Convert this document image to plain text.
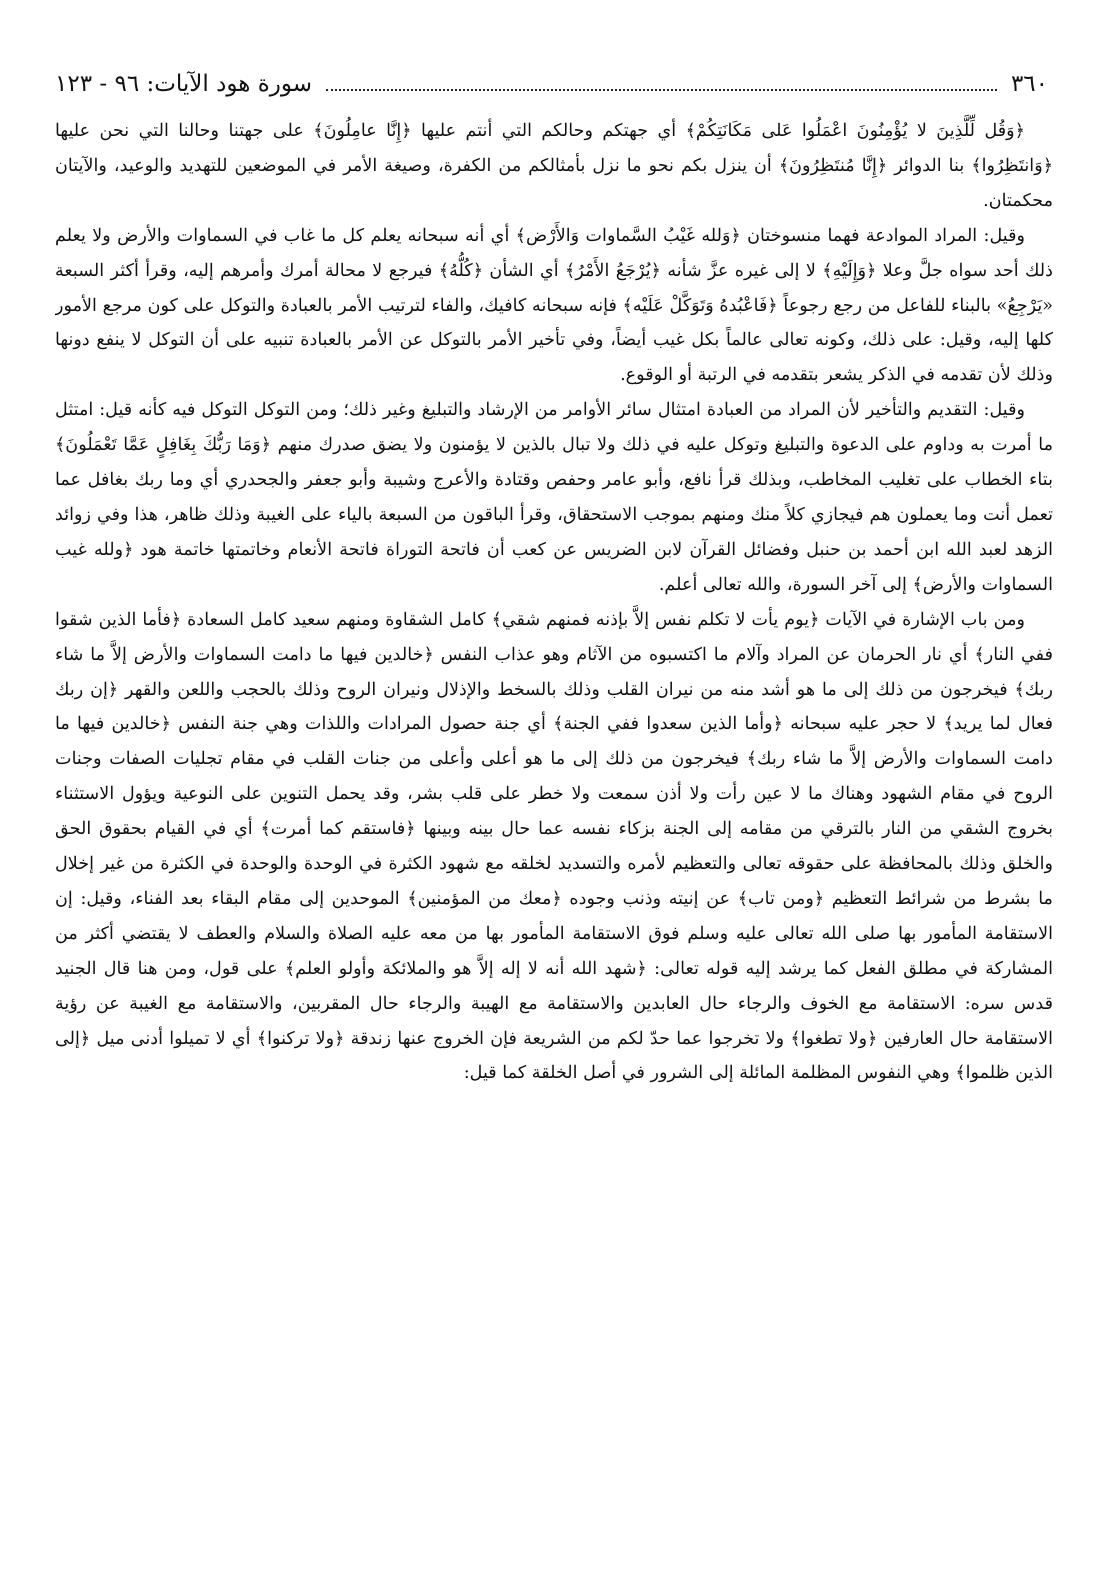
٣٦٠
سورة هود الآيات: ٩٦ - ١٢٣

﴿وَقُل لِّلَّذِينَ لا يُؤْمِنُونَ اعْمَلُوا عَلى مَكَانَتِكُمْ﴾ أي جهتكم وحالكم التي أنتم عليها ﴿إِنَّا عامِلُونَ﴾ على جهتنا وحالنا التي نحن عليها ﴿وَانتَظِرُوا﴾ بنا الدوائر ﴿إِنَّا مُنتَظِرُونَ﴾ أن ينزل بكم نحو ما نزل بأمثالكم من الكفرة، وصيغة الأمر في الموضعين للتهديد والوعيد، والآيتان محكمتان.

وقيل: المراد الموادعة فهما منسوختان ﴿وَلله غَيْبُ السَّماوات وَالأَرْض﴾ أي أنه سبحانه يعلم كل ما غاب في السماوات والأرض ولا يعلم ذلك أحد سواه جلَّ وعلا ﴿وَإِلَيْهِ﴾ لا إلى غيره عزَّ شأنه ﴿يُرْجَعُ الأَمْرُ﴾ أي الشأن ﴿كُلُّهُ﴾ فيرجع لا محالة أمرك وأمرهم إليه، وقرأ أكثر السبعة «يَرْجِعُ» بالبناء للفاعل من رجع رجوعاً ﴿فَاعْبُدهُ وَتَوَكَّلْ عَلَيْه﴾ فإنه سبحانه كافيك، والفاء لترتيب الأمر بالعبادة والتوكل على كون مرجع الأمور كلها إليه، وقيل: على ذلك، وكونه تعالى عالماً بكل غيب أيضاً، وفي تأخير الأمر بالتوكل عن الأمر بالعبادة تنبيه على أن التوكل لا ينفع دونها وذلك لأن تقدمه في الذكر يشعر بتقدمه في الرتبة أو الوقوع.

وقيل: التقديم والتأخير لأن المراد من العبادة امتثال سائر الأوامر من الإرشاد والتبليغ وغير ذلك؛ ومن التوكل التوكل فيه كأنه قيل: امتثل ما أمرت به وداوم على الدعوة والتبليغ وتوكل عليه في ذلك ولا تبال بالذين لا يؤمنون ولا يضق صدرك منهم ﴿وَمَا رَبُّكَ بِغَافِلٍ عَمَّا تَعْمَلُونَ﴾ بتاء الخطاب على تغليب المخاطب، وبذلك قرأ نافع، وأبو عامر وحفص وقتادة والأعرج وشيبة وأبو جعفر والجحدري أي وما ربك بغافل عما تعمل أنت وما يعملون هم فيجازي كلاً منك ومنهم بموجب الاستحقاق، وقرأ الباقون من السبعة بالياء على الغيبة وذلك ظاهر، هذا وفي زوائد الزهد لعبد الله ابن أحمد بن حنبل وفضائل القرآن لابن الضريس عن كعب أن فاتحة التوراة فاتحة الأنعام وخاتمتها خاتمة هود ﴿ولله غيب السماوات والأرض﴾ إلى آخر السورة، والله تعالى أعلم.

ومن باب الإشارة في الآيات ﴿يوم يأت لا تكلم نفس إلاَّ بإذنه فمنهم شقي﴾ كامل الشقاوة ومنهم سعيد كامل السعادة ﴿فأما الذين شقوا ففي النار﴾ أي نار الحرمان عن المراد وآلام ما اكتسبوه من الآثام وهو عذاب النفس ﴿خالدين فيها ما دامت السماوات والأرض إلاَّ ما شاء ربك﴾ فيخرجون من ذلك إلى ما هو أشد منه من نيران القلب وذلك بالسخط والإذلال ونيران الروح وذلك بالحجب واللعن والقهر ﴿إن ربك فعال لما يريد﴾ لا حجر عليه سبحانه ﴿وأما الذين سعدوا ففي الجنة﴾ أي جنة حصول المرادات واللذات وهي جنة النفس ﴿خالدين فيها ما دامت السماوات والأرض إلاَّ ما شاء ربك﴾ فيخرجون من ذلك إلى ما هو أعلى وأعلى من جنات القلب في مقام تجليات الصفات وجنات الروح في مقام الشهود وهناك ما لا عين رأت ولا أذن سمعت ولا خطر على قلب بشر، وقد يحمل التنوين على النوعية ويؤول الاستثناء بخروج الشقي من النار بالترقي من مقامه إلى الجنة بزكاء نفسه عما حال بينه وبينها ﴿فاستقم كما أمرت﴾ أي في القيام بحقوق الحق والخلق وذلك بالمحافظة على حقوقه تعالى والتعظيم لأمره والتسديد لخلقه مع شهود الكثرة في الوحدة والوحدة في الكثرة من غير إخلال ما بشرط من شرائط التعظيم ﴿ومن تاب﴾ عن إنيته وذنب وجوده ﴿معك من المؤمنين﴾ الموحدين إلى مقام البقاء بعد الفناء، وقيل: إن الاستقامة المأمور بها صلى الله تعالى عليه وسلم فوق الاستقامة المأمور بها من معه عليه الصلاة والسلام والعطف لا يقتضي أكثر من المشاركة في مطلق الفعل كما يرشد إليه قوله تعالى: ﴿شهد الله أنه لا إله إلاَّ هو والملائكة وأولو العلم﴾ على قول، ومن هنا قال الجنيد قدس سره: الاستقامة مع الخوف والرجاء حال العابدين والاستقامة مع الهيبة والرجاء حال المقربين، والاستقامة مع الغيبة عن رؤية الاستقامة حال العارفين ﴿ولا تطغوا﴾ ولا تخرجوا عما حدّ لكم من الشريعة فإن الخروج عنها زندقة ﴿ولا تركنوا﴾ أي لا تميلوا أدنى ميل ﴿إلى الذين ظلموا﴾ وهي النفوس المظلمة المائلة إلى الشرور في أصل الخلقة كما قيل:
